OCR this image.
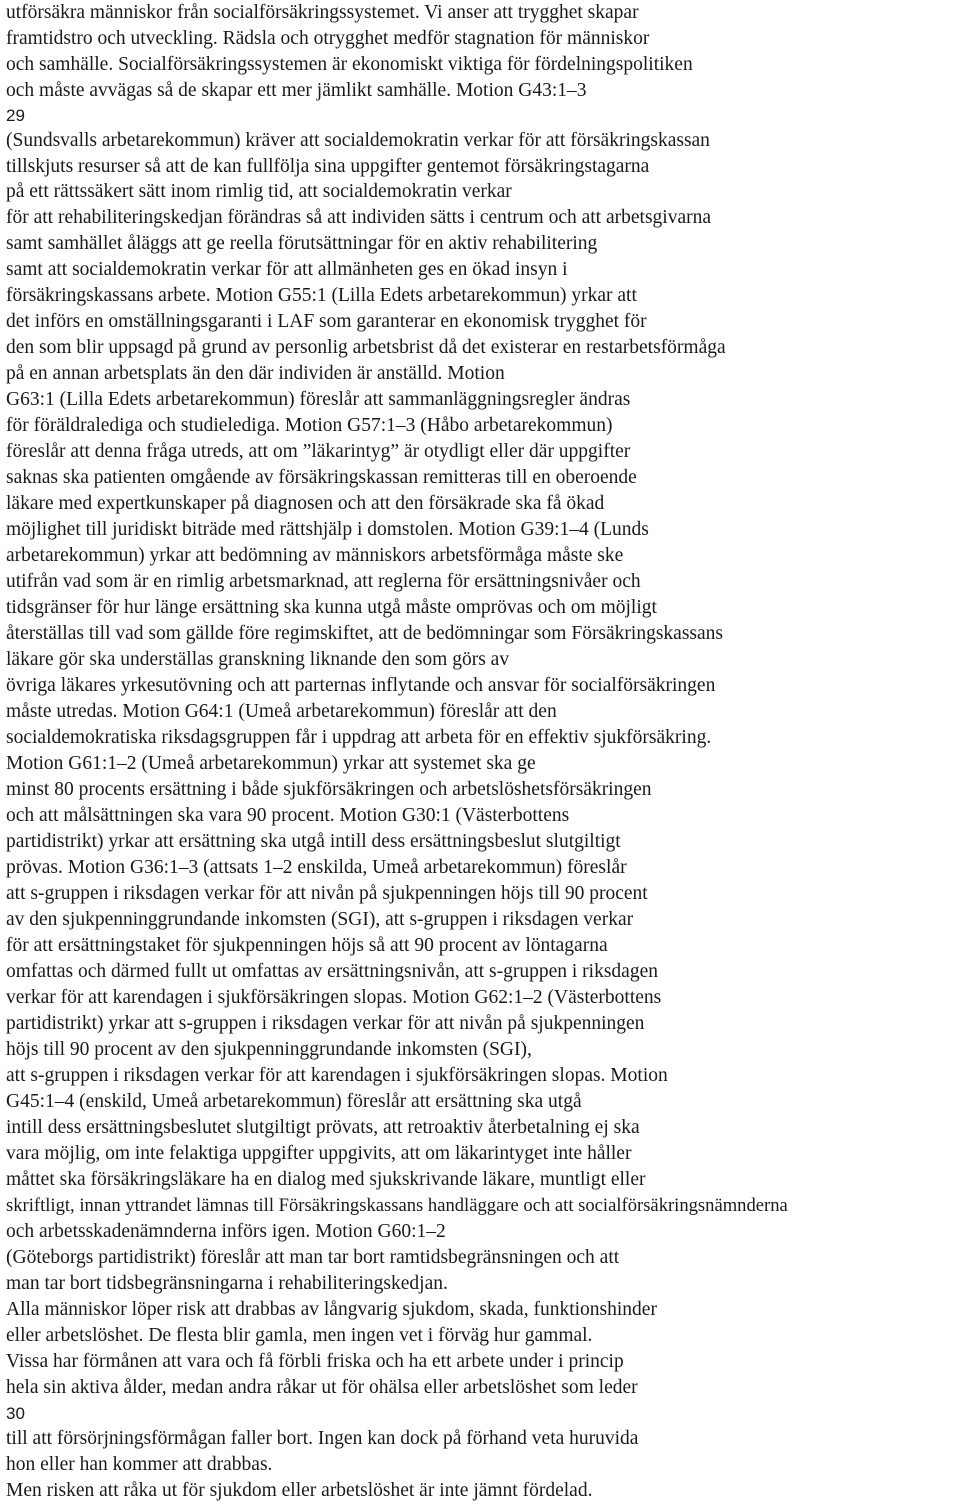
utförsäkra människor från socialförsäkringssystemet. Vi anser att trygghet skapar
framtidstro och utveckling. Rädsla och otrygghet medför stagnation för människor
och samhälle. Socialförsäkringssystemen är ekonomiskt viktiga för fördelningspolitiken
och måste avvägas så de skapar ett mer jämlikt samhälle. Motion G43:1–3
29
(Sundsvalls arbetarekommun) kräver att socialdemokratin verkar för att försäkringskassan
tillskjuts resurser så att de kan fullfölja sina uppgifter gentemot försäkringstagarna
på ett rättssäkert sätt inom rimlig tid, att socialdemokratin verkar
för att rehabiliteringskedjan förändras så att individen sätts i centrum och att arbetsgivarna
samt samhället åläggs att ge reella förutsättningar för en aktiv rehabilitering
samt att socialdemokratin verkar för att allmänheten ges en ökad insyn i
försäkringskassans arbete. Motion G55:1 (Lilla Edets arbetarekommun) yrkar att
det införs en omställningsgaranti i LAF som garanterar en ekonomisk trygghet för
den som blir uppsagd på grund av personlig arbetsbrist då det existerar en restarbetsförmåga
på en annan arbetsplats än den där individen är anställd. Motion
G63:1 (Lilla Edets arbetarekommun) föreslår att sammanläggningsregler ändras
för föräldralediga och studielediga. Motion G57:1–3 (Håbo arbetarekommun)
föreslår att denna fråga utreds, att om ”läkarintyg” är otydligt eller där uppgifter
saknas ska patienten omgående av försäkringskassan remitteras till en oberoende
läkare med expertkunskaper på diagnosen och att den försäkrade ska få ökad
möjlighet till juridiskt biträde med rättshjälp i domstolen. Motion G39:1–4 (Lunds
arbetarekommun) yrkar att bedömning av människors arbetsförmåga måste ske
utifrån vad som är en rimlig arbetsmarknad, att reglerna för ersättningsnivåer och
tidsgränser för hur länge ersättning ska kunna utgå måste omprövas och om möjligt
återställas till vad som gällde före regimskiftet, att de bedömningar som Försäkringskassans
läkare gör ska underställas granskning liknande den som görs av
övriga läkares yrkesutövning och att parternas inflytande och ansvar för socialförsäkringen
måste utredas. Motion G64:1 (Umeå arbetarekommun) föreslår att den
socialdemokratiska riksdagsgruppen får i uppdrag att arbeta för en effektiv sjukförsäkring.
Motion G61:1–2 (Umeå arbetarekommun) yrkar att systemet ska ge
minst 80 procents ersättning i både sjukförsäkringen och arbetslöshetsförsäkringen
och att målsättningen ska vara 90 procent. Motion G30:1 (Västerbottens
partidistrikt) yrkar att ersättning ska utgå intill dess ersättningsbeslut slutgiltigt
prövas. Motion G36:1–3 (attsats 1–2 enskilda, Umeå arbetarekommun) föreslår
att s-gruppen i riksdagen verkar för att nivån på sjukpenningen höjs till 90 procent
av den sjukpenninggrundande inkomsten (SGI), att s-gruppen i riksdagen verkar
för att ersättningstaket för sjukpenningen höjs så att 90 procent av löntagarna
omfattas och därmed fullt ut omfattas av ersättningsnivån, att s-gruppen i riksdagen
verkar för att karendagen i sjukförsäkringen slopas. Motion G62:1–2 (Västerbottens
partidistrikt) yrkar att s-gruppen i riksdagen verkar för att nivån på sjukpenningen
höjs till 90 procent av den sjukpenninggrundande inkomsten (SGI),
att s-gruppen i riksdagen verkar för att karendagen i sjukförsäkringen slopas. Motion
G45:1–4 (enskild, Umeå arbetarekommun) föreslår att ersättning ska utgå
intill dess ersättningsbeslutet slutgiltigt prövats, att retroaktiv återbetalning ej ska
vara möjlig, om inte felaktiga uppgifter uppgivits, att om läkarintyget inte håller
måttet ska försäkringsläkare ha en dialog med sjukskrivande läkare, muntligt eller
skriftligt, innan yttrandet lämnas till Försäkringskassans handläggare och att socialförsäkringsnämnderna
och arbetsskadenämnderna införs igen. Motion G60:1–2
(Göteborgs partidistrikt) föreslår att man tar bort ramtidsbegränsningen och att
man tar bort tidsbegränsningarna i rehabiliteringskedjan.
Alla människor löper risk att drabbas av långvarig sjukdom, skada, funktionshinder
eller arbetslöshet. De flesta blir gamla, men ingen vet i förväg hur gammal.
Vissa har förmånen att vara och få förbli friska och ha ett arbete under i princip
hela sin aktiva ålder, medan andra råkar ut för ohälsa eller arbetslöshet som leder
30
till att försörjningsförmågan faller bort. Ingen kan dock på förhand veta huruvida
hon eller han kommer att drabbas.
Men risken att råka ut för sjukdom eller arbetslöshet är inte jämnt fördelad.
